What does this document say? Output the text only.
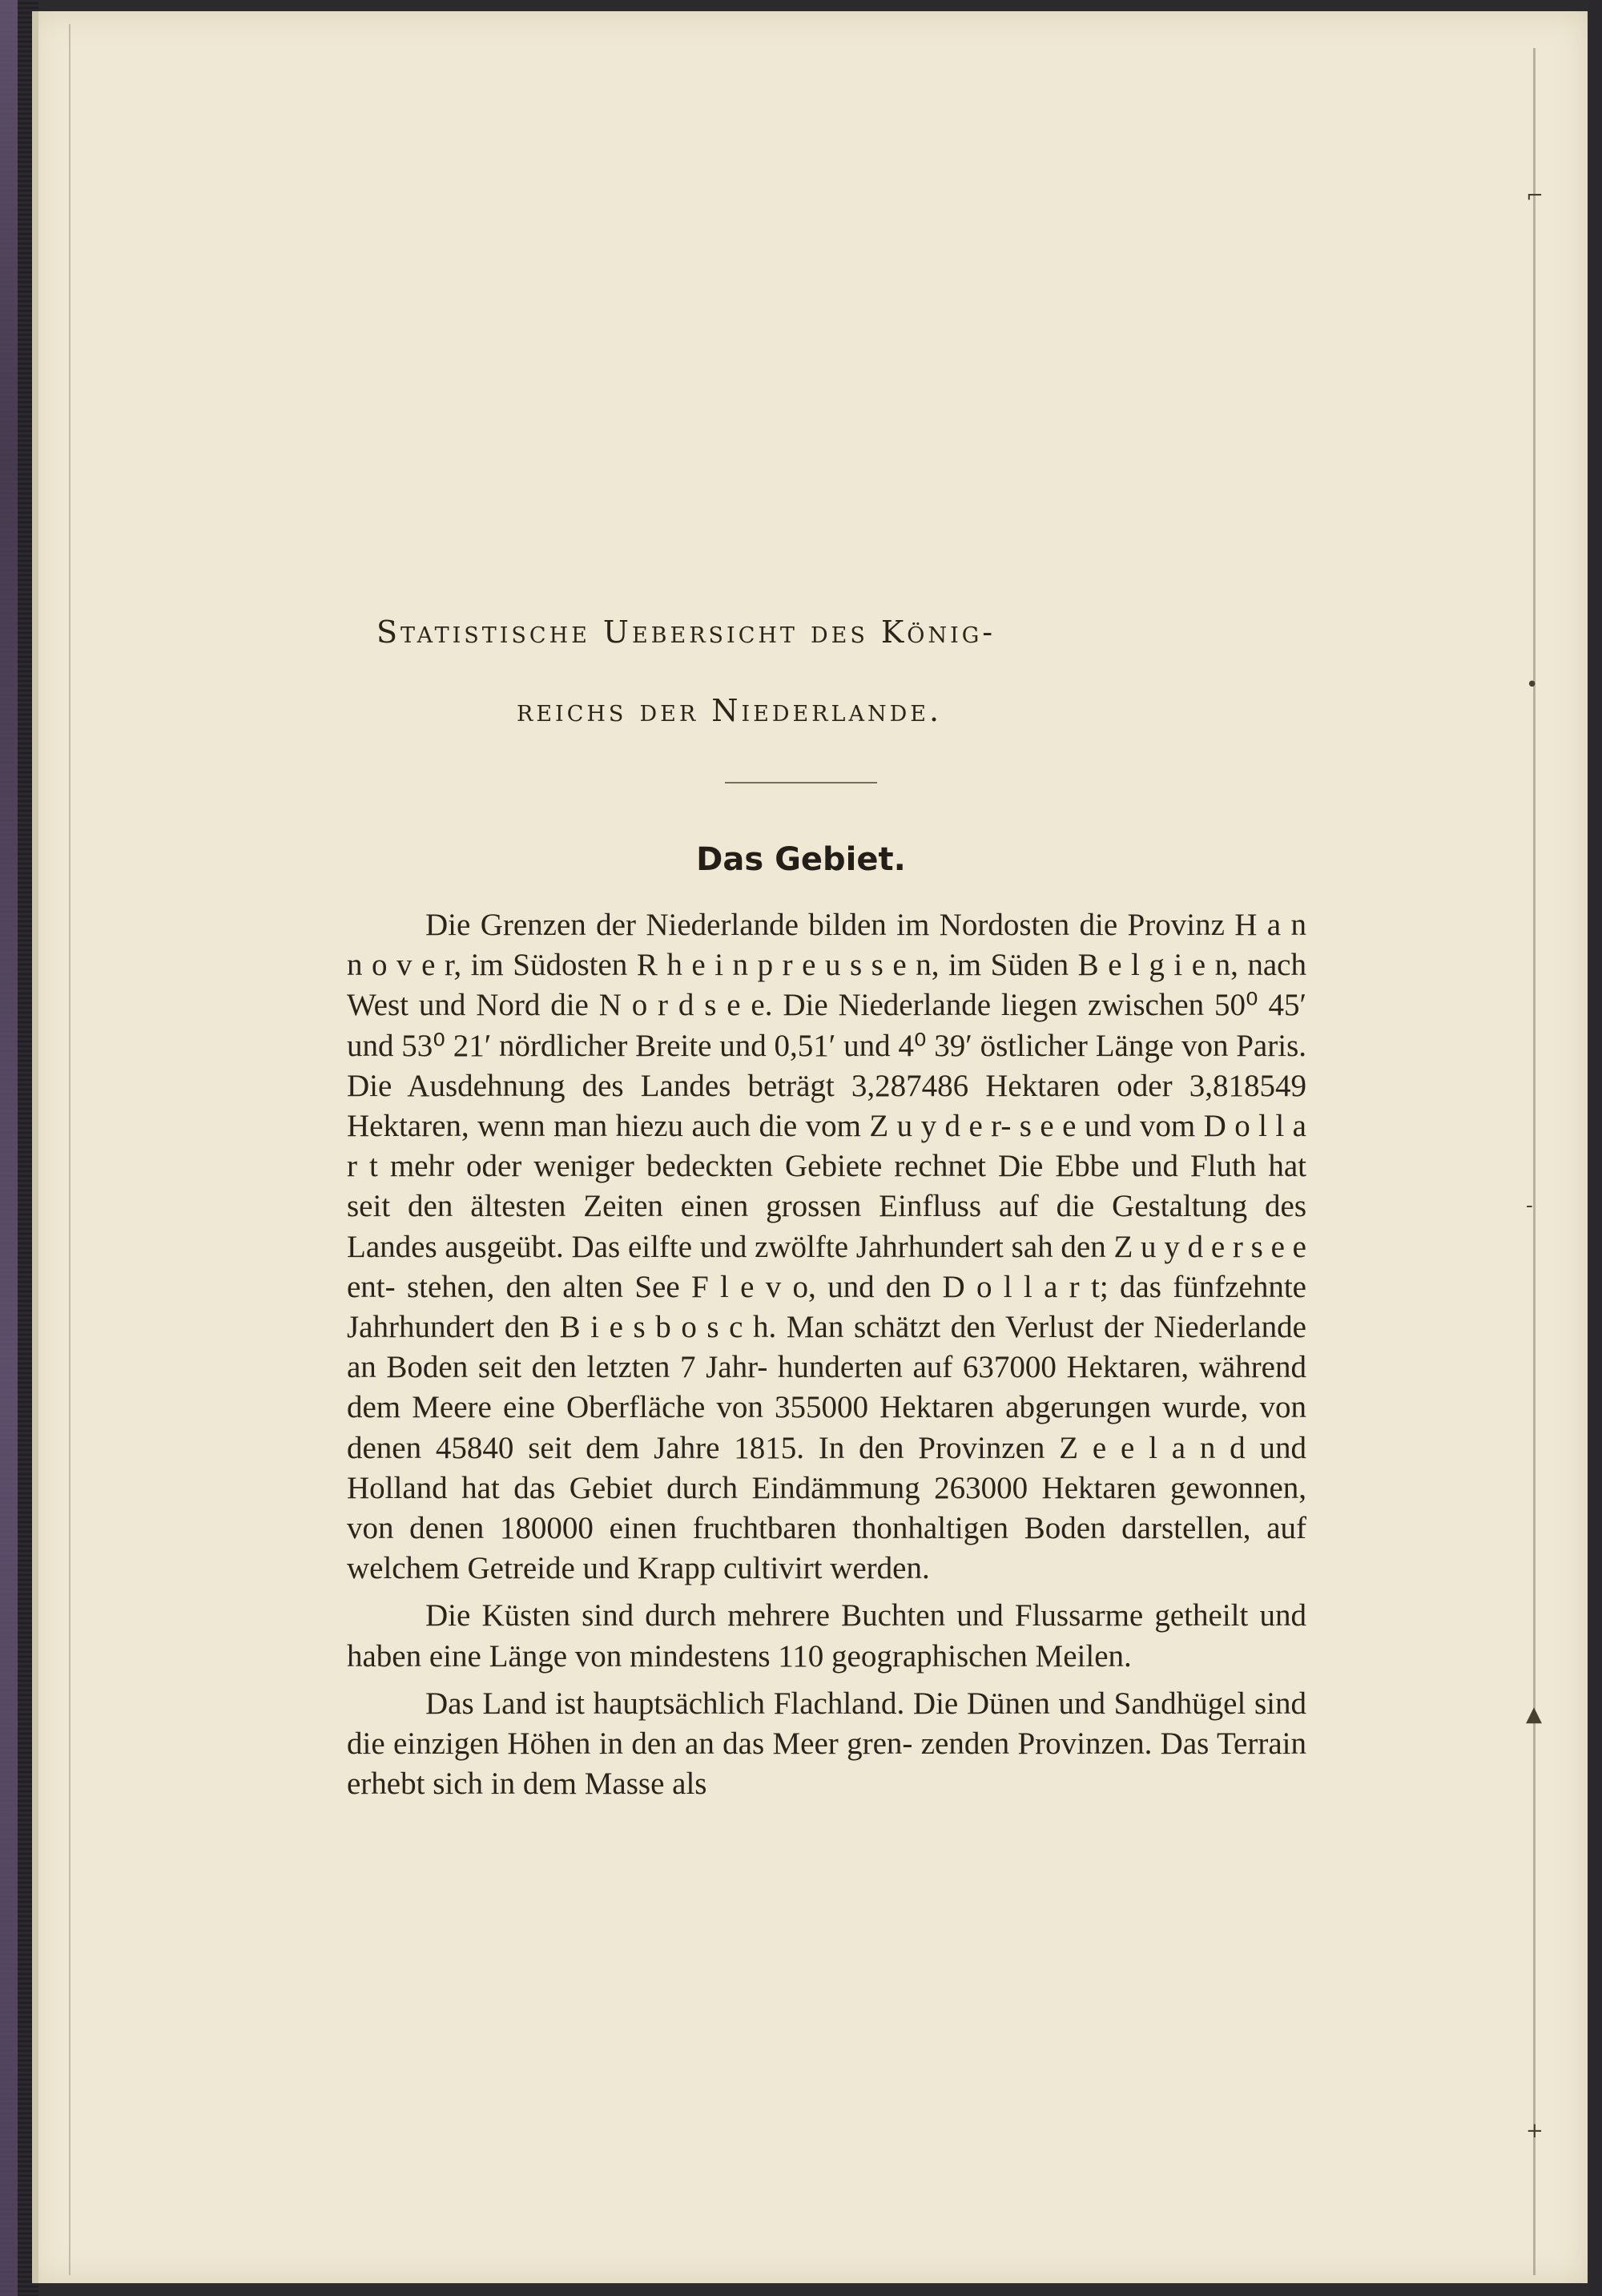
⌐
•
-
▲
+
Statistische Uebersicht des König-
reichs der Niederlande.
Das Gebiet.

Die Grenzen der Niederlande bilden im Nordosten die Provinz H a n n o v e r, im Südosten R h e i n p r e u s s e n, im Süden B e l g i e n, nach West und Nord die N o r d s e e. Die Niederlande liegen zwischen 50⁰ 45ʹ und 53⁰ 21ʹ nördlicher Breite und 0,51ʹ und 4⁰ 39ʹ östlicher Länge von Paris. Die Ausdehnung des Landes beträgt 3,287486 Hektaren oder 3,818549 Hektaren, wenn man hiezu auch die vom Z u y d e r- s e e und vom D o l l a r t mehr oder weniger bedeckten Gebiete rechnet Die Ebbe und Fluth hat seit den ältesten Zeiten einen grossen Einfluss auf die Gestaltung des Landes ausgeübt. Das eilfte und zwölfte Jahrhundert sah den Z u y d e r s e e ent- stehen, den alten See F l e v o, und den D o l l a r t; das fünfzehnte Jahrhundert den B i e s b o s c h. Man schätzt den Verlust der Niederlande an Boden seit den letzten 7 Jahr- hunderten auf 637000 Hektaren, während dem Meere eine Oberfläche von 355000 Hektaren abgerungen wurde, von denen 45840 seit dem Jahre 1815. In den Provinzen Z e e l a n d und Holland hat das Gebiet durch Eindämmung 263000 Hektaren gewonnen, von denen 180000 einen fruchtbaren thonhaltigen Boden darstellen, auf welchem Getreide und Krapp cultivirt werden.

Die Küsten sind durch mehrere Buchten und Flussarme getheilt und haben eine Länge von mindestens 110 geographischen Meilen.

Das Land ist hauptsächlich Flachland. Die Dünen und Sandhügel sind die einzigen Höhen in den an das Meer gren- zenden Provinzen. Das Terrain erhebt sich in dem Masse als
